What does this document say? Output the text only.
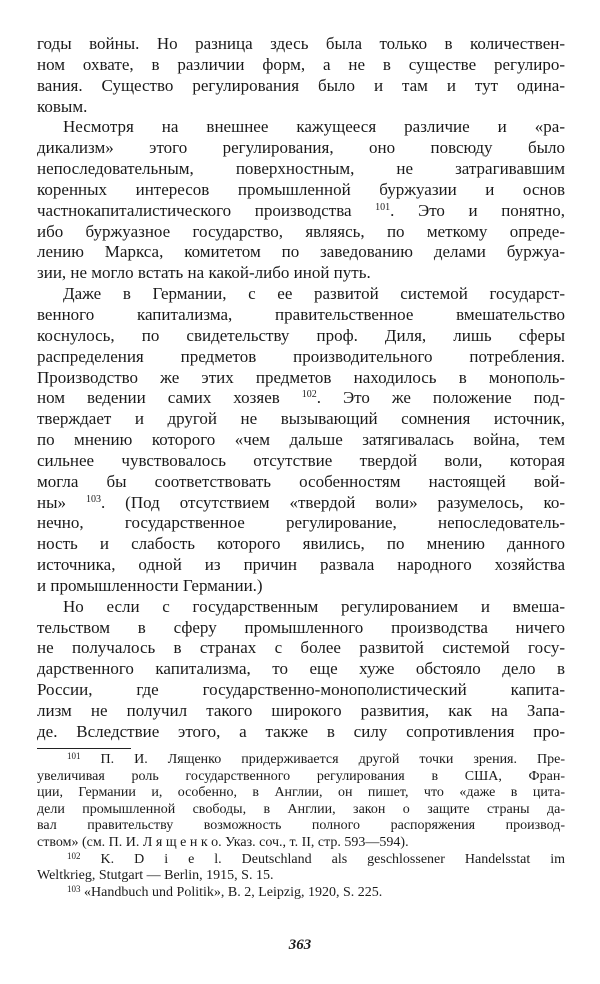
годы войны. Но разница здесь была только в количествен-
ном охвате, в различии форм, а не в существе регулиро-
вания. Существо регулирования было и там и тут одина-
ковым.
Несмотря на внешнее кажущееся различие и «ра-
дикализм» этого регулирования, оно повсюду было
непоследовательным, поверхностным, не затрагивавшим
коренных интересов промышленной буржуазии и основ
частнокапиталистического производства $^{101}$. Это и понятно,
ибо буржуазное государство, являясь, по меткому опреде-
лению Маркса, комитетом по заведованию делами буржуа-
зии, не могло встать на какой-либо иной путь.
Даже в Германии, с ее развитой системой государст-
венного капитализма, правительственное вмешательство
коснулось, по свидетельству проф. Диля, лишь сферы
распределения предметов производительного потребления.
Производство же этих предметов находилось в монополь-
ном ведении самих хозяев $^{102}$. Это же положение под-
тверждает и другой не вызывающий сомнения источник,
по мнению которого «чем дальше затягивалась война, тем
сильнее чувствовалось отсутствие твердой воли, которая
могла бы соответствовать особенностям настоящей вой-
ны» $^{103}$. (Под отсутствием «твердой воли» разумелось, ко-
нечно, государственное регулирование, непоследователь-
ность и слабость которого явились, по мнению данного
источника, одной из причин развала народного хозяйства
и промышленности Германии.)
Но если с государственным регулированием и вмеша-
тельством в сферу промышленного производства ничего
не получалось в странах с более развитой системой госу-
дарственного капитализма, то еще хуже обстояло дело в
России, где государственно-монополистический капита-
лизм не получил такого широкого развития, как на Запа-
де. Вследствие этого, а также в силу сопротивления про-
$^{101}$ П. И. Лященко придерживается другой точки зрения. Пре-
увеличивая роль государственного регулирования в США, Фран-
ции, Германии и, особенно, в Англии, он пишет, что «даже в цита-
дели промышленной свободы, в Англии, закон о защите страны да-
вал правительству возможность полного распоряжения производ-
ством» (см. П. И. Л я щ е н к о. Указ. соч., т. II, стр. 593—594).
$^{102}$ K. D i e l. Deutschland als geschlossener Handelsstat im
Weltkrieg, Stutgart — Berlin, 1915, S. 15.
$^{103}$ «Handbuch und Politik», B. 2, Leipzig, 1920, S. 225.
363
